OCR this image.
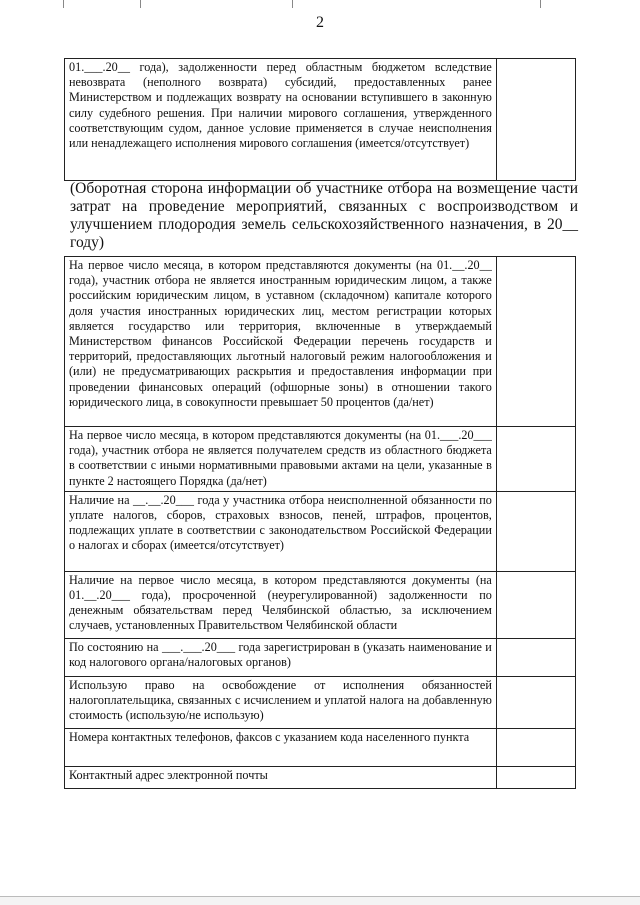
2
01.___.20__ года), задолженности перед областным бюджетом вследствие невозврата (неполного возврата) субсидий, предоставленных ранее Министерством и подлежащих возврату на основании вступившего в законную силу судебного решения. При наличии мирового соглашения, утвержденного соответствующим судом, данное условие применяется в случае неисполнения или ненадлежащего исполнения мирового соглашения (имеется/отсутствует)	
(Оборотная сторона информации об участнике отбора на возмещение части затрат на проведение мероприятий, связанных с воспроизводством и улучшением плодородия земель сельскохозяйственного назначения, в 20__ году)
На первое число месяца, в котором представляются документы (на 01.__.20__ года), участник отбора не является иностранным юридическим лицом, а также российским юридическим лицом, в уставном (складочном) капитале которого доля участия иностранных юридических лиц, местом регистрации которых является государство или территория, включенные в утверждаемый Министерством финансов Российской Федерации перечень государств и территорий, предоставляющих льготный налоговый режим налогообложения и (или) не предусматривающих раскрытия и предоставления информации при проведении финансовых операций (офшорные зоны) в отношении такого юридического лица, в совокупности превышает 50 процентов (да/нет)	
На первое число месяца, в котором представляются документы (на 01.___.20___ года), участник отбора не является получателем средств из областного бюджета в соответствии с иными нормативными правовыми актами на цели, указанные в пункте 2 настоящего Порядка (да/нет)	
Наличие на __.__.20___ года у участника отбора неисполненной обязанности по уплате налогов, сборов, страховых взносов, пеней, штрафов, процентов, подлежащих уплате в соответствии с законодательством Российской Федерации о налогах и сборах (имеется/отсутствует)	
Наличие на первое число месяца, в котором представляются документы (на 01.__.20___ года), просроченной (неурегулированной) задолженности по денежным обязательствам перед Челябинской областью, за исключением случаев, установленных Правительством Челябинской области	
По состоянию на ___.___.20___ года зарегистрирован в (указать наименование и код налогового органа/налоговых органов)	
Использую право на освобождение от исполнения обязанностей налогоплательщика, связанных с исчислением и уплатой налога на добавленную стоимость (использую/не использую)	
Номера контактных телефонов, факсов с указанием кода населенного пункта	
Контактный адрес электронной почты	
